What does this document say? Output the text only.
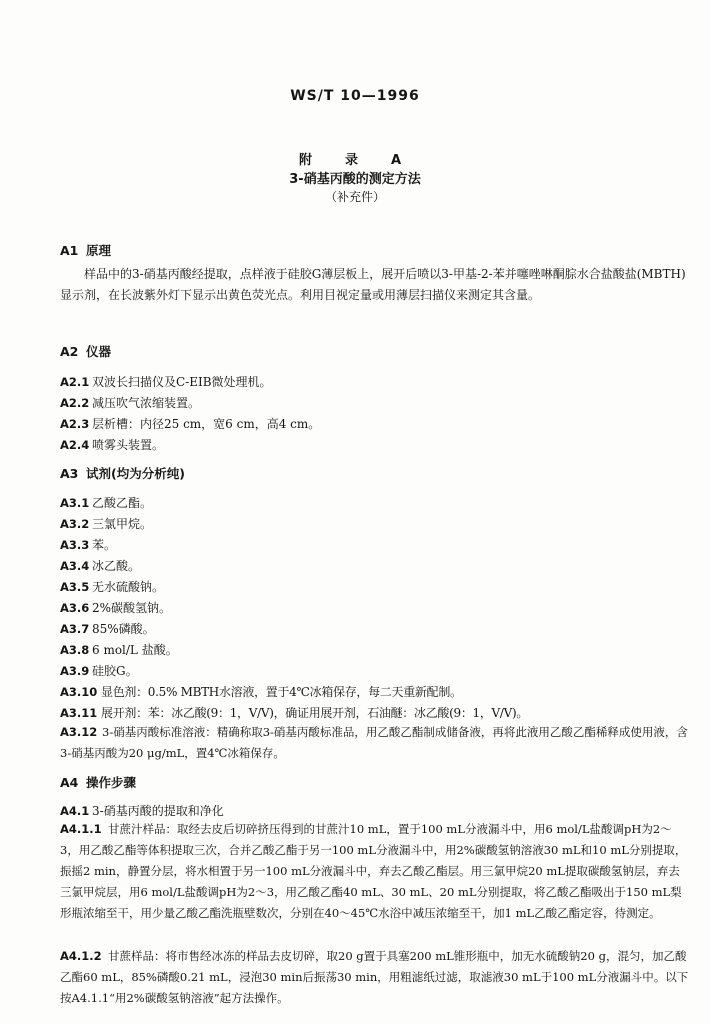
WS/T 10—1996
附　录　A
3-硝基丙酸的测定方法
（补充件）
A1 原理
样品中的3-硝基丙酸经提取，点样液于硅胶G薄层板上，展开后喷以3-甲基-2-苯并噻唑啉酮腙水合盐酸盐(MBTH)显示剂，在长波紫外灯下显示出黄色荧光点。利用目视定量或用薄层扫描仪来测定其含量。
A2 仪器
A2.1 双波长扫描仪及C-EIB微处理机。
A2.2 减压吹气浓缩装置。
A2.3 层析槽：内径25 cm，宽6 cm，高4 cm。
A2.4 喷雾头装置。
A3 试剂(均为分析纯)
A3.1 乙酸乙酯。
A3.2 三氯甲烷。
A3.3 苯。
A3.4 冰乙酸。
A3.5 无水硫酸钠。
A3.6 2%碳酸氢钠。
A3.7 85%磷酸。
A3.8 6 mol/L 盐酸。
A3.9 硅胶G。
A3.10 显色剂：0.5% MBTH水溶液，置于4℃冰箱保存，每二天重新配制。
A3.11 展开剂：苯：冰乙酸(9：1，V/V)，确证用展开剂，石油醚：冰乙酸(9：1，V/V)。
A3.12 3-硝基丙酸标准溶液：精确称取3-硝基丙酸标准品，用乙酸乙酯制成储备液，再将此液用乙酸乙酯稀释成使用液，含3-硝基丙酸为20 μg/mL，置4℃冰箱保存。
A4 操作步骤
A4.1 3-硝基丙酸的提取和净化
A4.1.1 甘蔗汁样品：取经去皮后切碎挤压得到的甘蔗汁10 mL，置于100 mL分液漏斗中，用6 mol/L盐酸调pH为2～3，用乙酸乙酯等体积提取三次，合并乙酸乙酯于另一100 mL分液漏斗中，用2%碳酸氢钠溶液30 mL和10 mL分别提取，振摇2 min，静置分层，将水相置于另一100 mL分液漏斗中，弃去乙酸乙酯层。用三氯甲烷20 mL提取碳酸氢钠层，弃去三氯甲烷层，用6 mol/L盐酸调pH为2～3，用乙酸乙酯40 mL、30 mL、20 mL分别提取，将乙酸乙酯吸出于150 mL梨形瓶浓缩至干，用少量乙酸乙酯洗瓶壁数次，分别在40～45℃水浴中减压浓缩至干，加1 mL乙酸乙酯定容，待测定。
A4.1.2 甘蔗样品：将市售经冰冻的样品去皮切碎，取20 g置于具塞200 mL锥形瓶中，加无水硫酸钠20 g，混匀，加乙酸乙酯60 mL，85%磷酸0.21 mL，浸泡30 min后振荡30 min，用粗滤纸过滤，取滤液30 mL于100 mL分液漏斗中。以下按A4.1.1“用2%碳酸氢钠溶液”起方法操作。
